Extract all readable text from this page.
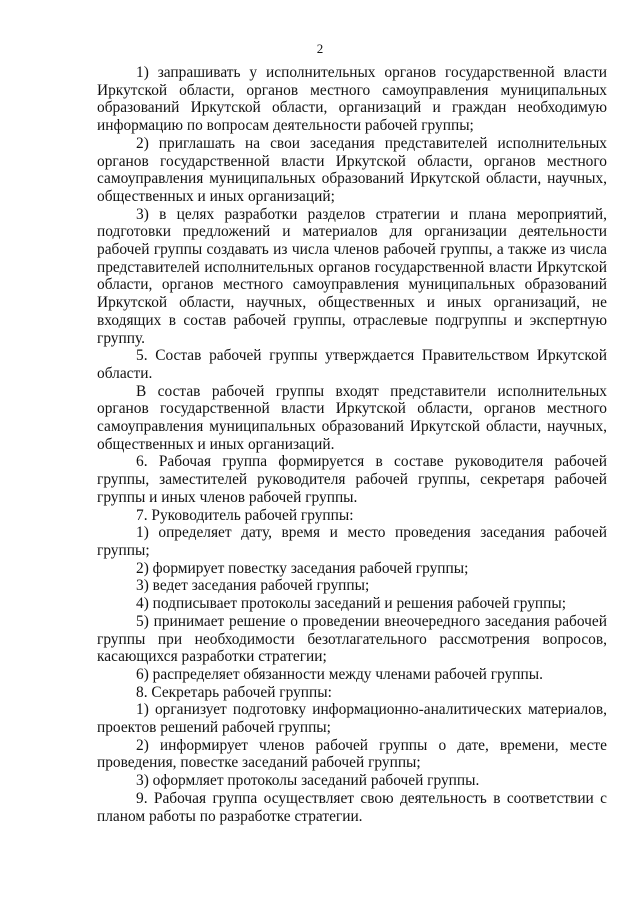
2

1) запрашивать у исполнительных органов государственной власти Иркутской области, органов местного самоуправления муниципальных образований Иркутской области, организаций и граждан необходимую информацию по вопросам деятельности рабочей группы;

2) приглашать на свои заседания представителей исполнительных органов государственной власти Иркутской области, органов местного самоуправления муниципальных образований Иркутской области, научных, общественных и иных организаций;

3) в целях разработки разделов стратегии и плана мероприятий, подготовки предложений и материалов для организации деятельности рабочей группы создавать из числа членов рабочей группы, а также из числа представителей исполнительных органов государственной власти Иркутской области, органов местного самоуправления муниципальных образований Иркутской области, научных, общественных и иных организаций, не входящих в состав рабочей группы, отраслевые подгруппы и экспертную группу.

5. Состав рабочей группы утверждается Правительством Иркутской области.

В состав рабочей группы входят представители исполнительных органов государственной власти Иркутской области, органов местного самоуправления муниципальных образований Иркутской области, научных, общественных и иных организаций.

6. Рабочая группа формируется в составе руководителя рабочей группы, заместителей руководителя рабочей группы, секретаря рабочей группы и иных членов рабочей группы.

7. Руководитель рабочей группы:

1) определяет дату, время и место проведения заседания рабочей группы;

2) формирует повестку заседания рабочей группы;

3) ведет заседания рабочей группы;

4) подписывает протоколы заседаний и решения рабочей группы;

5) принимает решение о проведении внеочередного заседания рабочей группы при необходимости безотлагательного рассмотрения вопросов, касающихся разработки стратегии;

6) распределяет обязанности между членами рабочей группы.

8. Секретарь рабочей группы:

1) организует подготовку информационно-аналитических материалов, проектов решений рабочей группы;

2) информирует членов рабочей группы о дате, времени, месте проведения, повестке заседаний рабочей группы;

3) оформляет протоколы заседаний рабочей группы.

9. Рабочая группа осуществляет свою деятельность в соответствии с планом работы по разработке стратегии.
